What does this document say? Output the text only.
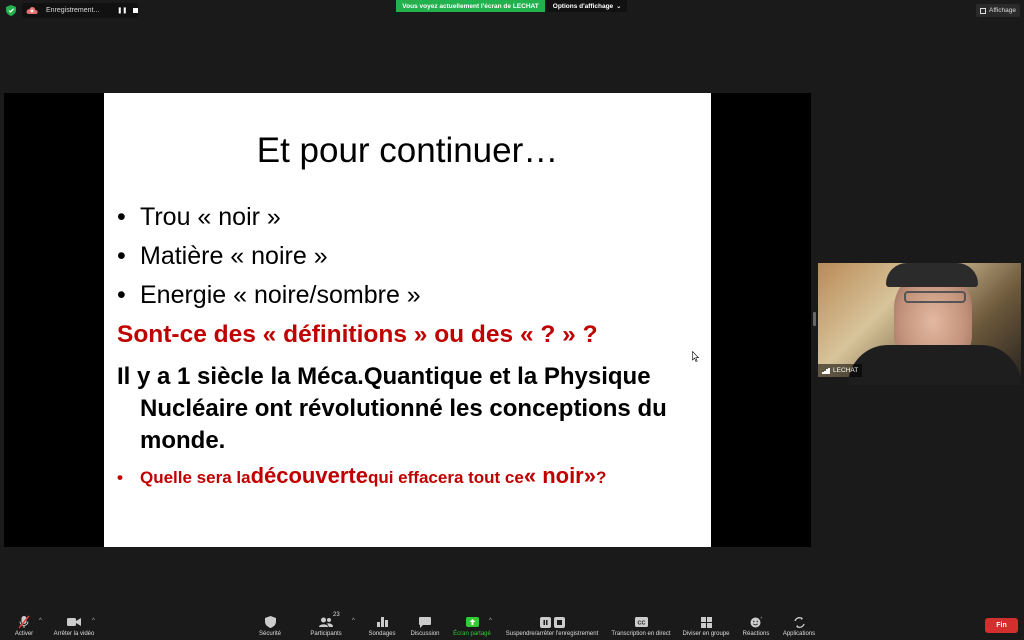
Enregistrement...	❚❚
Vous voyez actuellement l'écran de LECHAT	Options d'affichage ⌄
Affichage
Et pour continuer…
• Trou « noir »
• Matière « noire »
• Energie « noire/sombre »
Sont-ce des « définitions » ou des « ? » ?
Il y a 1 siècle la Méca.Quantique et la Physique Nucléaire ont révolutionné les conceptions du monde.
•	Quelle sera la découverte qui effacera tout ce « noir» ?
LECHAT
Activer
^
Arrêter la vidéo
^
Sécurité
23
Participants
^
Sondages Discussion Écran partagé
^
Suspendre/arrêter l'enregistrement
CC
Transcription en direct Diviser en groupe
+
Réactions Applications
Fin
